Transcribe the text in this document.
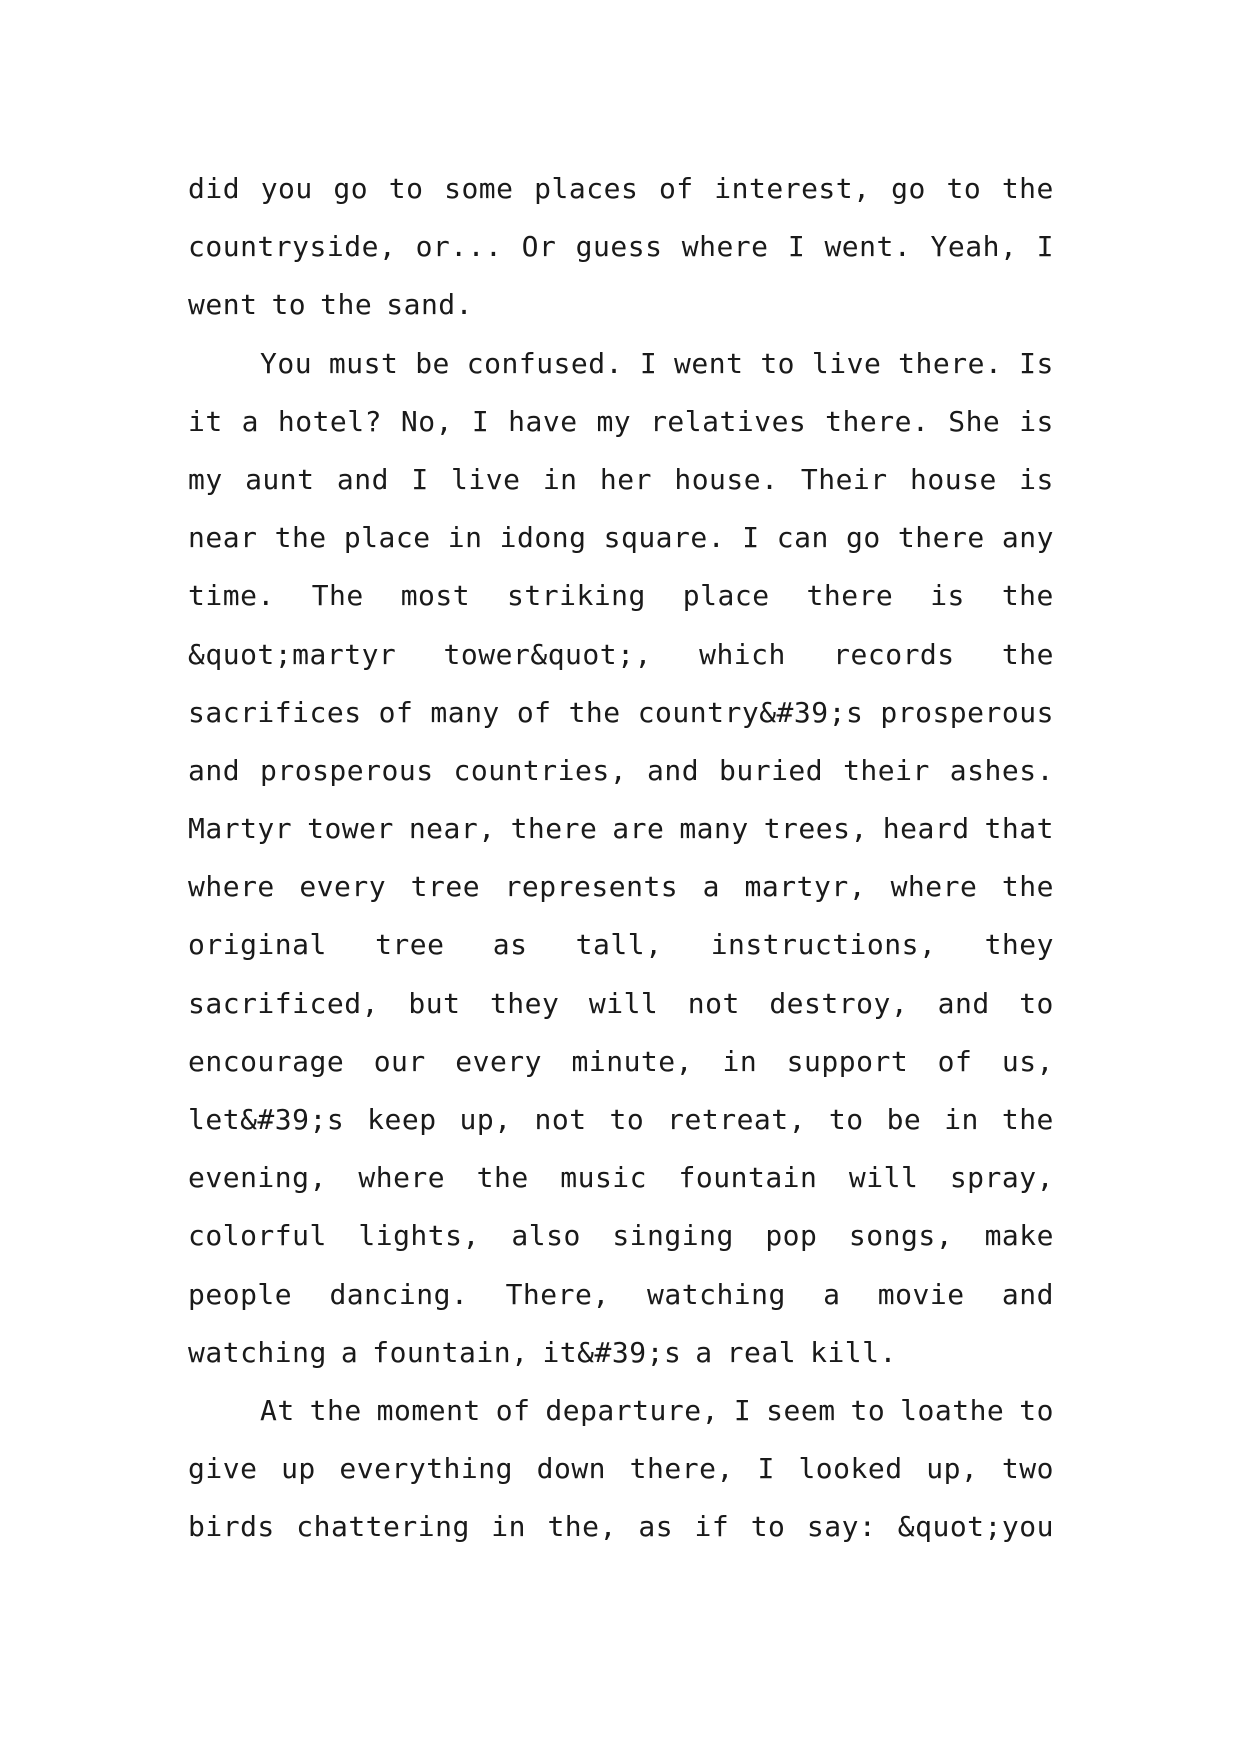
did you go to some places of interest, go to the
countryside, or... Or guess where I went. Yeah, I
went to the sand.
You must be confused. I went to live there. Is
it a hotel? No, I have my relatives there. She is
my aunt and I live in her house. Their house is
near the place in idong square. I can go there any
time. The most striking place there is the
&quot;martyr tower&quot;, which records the
sacrifices of many of the country&#39;s prosperous
and prosperous countries, and buried their ashes.
Martyr tower near, there are many trees, heard that
where every tree represents a martyr, where the
original tree as tall, instructions, they
sacrificed, but they will not destroy, and to
encourage our every minute, in support of us,
let&#39;s keep up, not to retreat, to be in the
evening, where the music fountain will spray,
colorful lights, also singing pop songs, make
people dancing. There, watching a movie and
watching a fountain, it&#39;s a real kill.
At the moment of departure, I seem to loathe to
give up everything down there, I looked up, two
birds chattering in the, as if to say: &quot;you
